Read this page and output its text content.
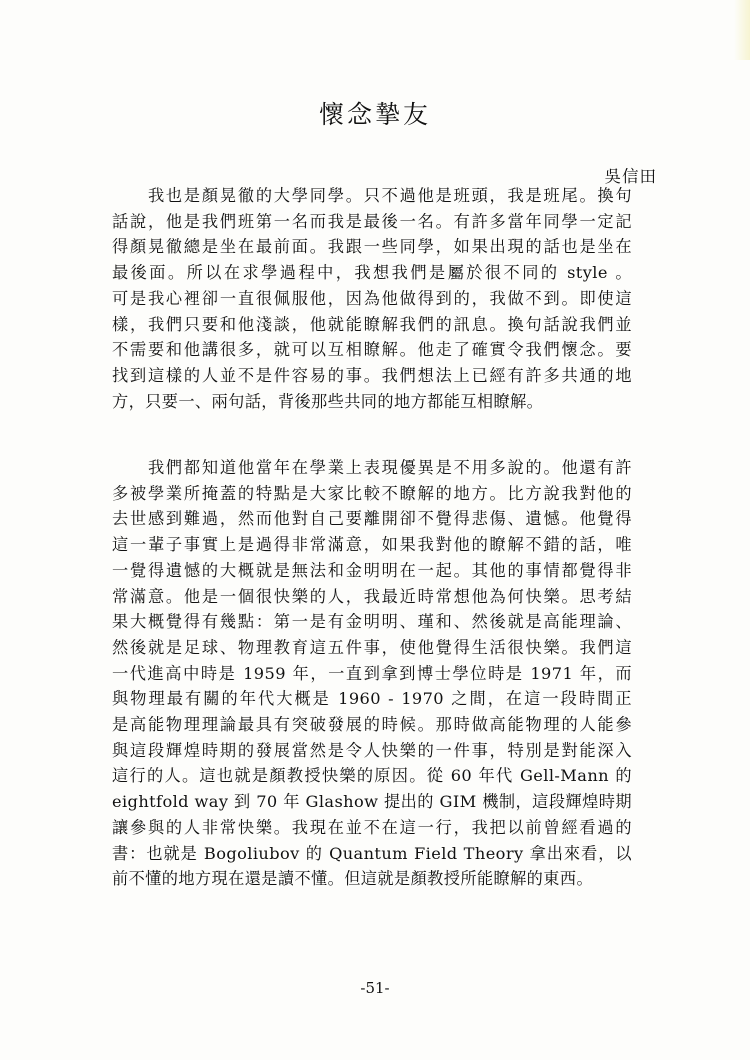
懷念摯友
吳信田
　　我也是顏晃徹的大學同學。只不過他是班頭，我是班尾。換句
話說，他是我們班第一名而我是最後一名。有許多當年同學一定記
得顏晃徹總是坐在最前面。我跟一些同學，如果出現的話也是坐在
最後面。所以在求學過程中，我想我們是屬於很不同的 style 。
可是我心裡卻一直很佩服他，因為他做得到的，我做不到。即使這
樣，我們只要和他淺談，他就能瞭解我們的訊息。換句話說我們並
不需要和他講很多，就可以互相瞭解。他走了確實令我們懷念。要
找到這樣的人並不是件容易的事。我們想法上已經有許多共通的地
方，只要一、兩句話，背後那些共同的地方都能互相瞭解。
　　我們都知道他當年在學業上表現優異是不用多說的。他還有許
多被學業所掩蓋的特點是大家比較不瞭解的地方。比方說我對他的
去世感到難過，然而他對自己要離開卻不覺得悲傷、遺憾。他覺得
這一輩子事實上是過得非常滿意，如果我對他的瞭解不錯的話，唯
一覺得遺憾的大概就是無法和金明明在一起。其他的事情都覺得非
常滿意。他是一個很快樂的人，我最近時常想他為何快樂。思考結
果大概覺得有幾點：第一是有金明明、瑾和、然後就是高能理論、
然後就是足球、物理教育這五件事，使他覺得生活很快樂。我們這
一代進高中時是 1959 年，一直到拿到博士學位時是 1971 年，而
與物理最有關的年代大概是 1960 - 1970 之間，在這一段時間正
是高能物理理論最具有突破發展的時候。那時做高能物理的人能參
與這段輝煌時期的發展當然是令人快樂的一件事，特別是對能深入
這行的人。這也就是顏教授快樂的原因。從 60 年代 Gell-Mann 的
eightfold way 到 70 年 Glashow 提出的 GIM 機制，這段輝煌時期
讓參與的人非常快樂。我現在並不在這一行，我把以前曾經看過的
書：也就是 Bogoliubov 的 Quantum Field Theory 拿出來看，以
前不懂的地方現在還是讀不懂。但這就是顏教授所能瞭解的東西。
-51-
